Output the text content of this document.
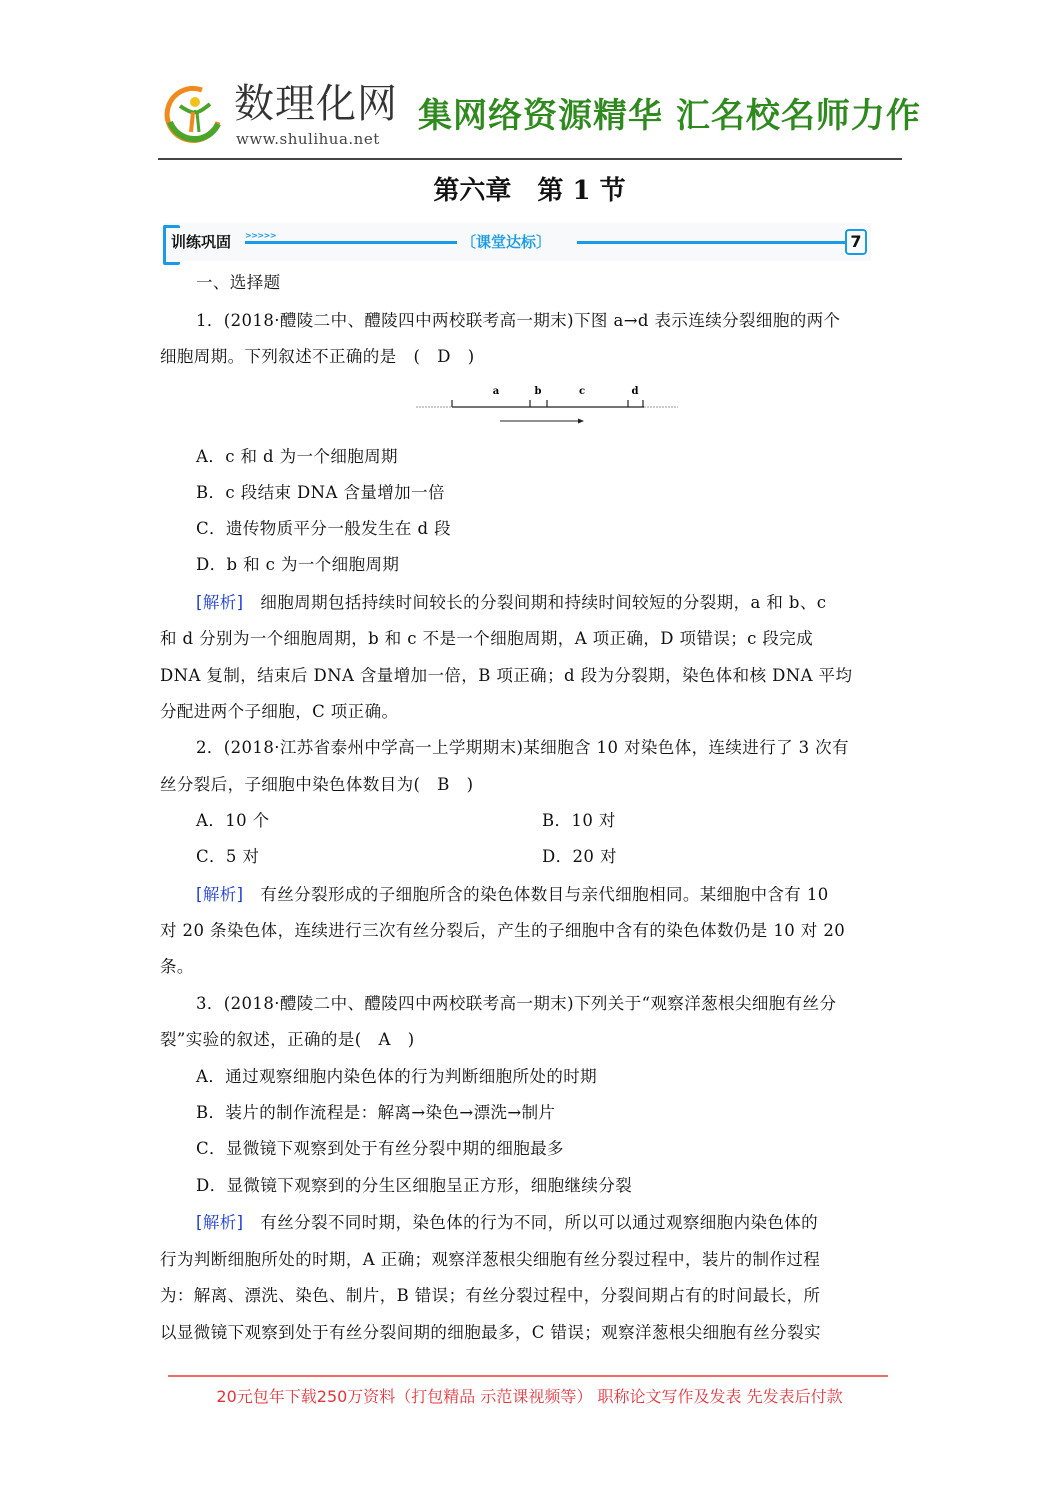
数理化网
www.shulihua.net
集网络资源精华 汇名校名师力作
第六章　第 1 节
训练巩固 >>>>>	〔课堂达标〕	7
一、选择题
1．(2018·醴陵二中、醴陵四中两校联考高一期末)下图 a→d 表示连续分裂细胞的两个
细胞周期。下列叙述不正确的是　(　D　)
a	b	c	d
A．c 和 d 为一个细胞周期
B．c 段结束 DNA 含量增加一倍
C．遗传物质平分一般发生在 d 段
D．b 和 c 为一个细胞周期
[解析]　细胞周期包括持续时间较长的分裂间期和持续时间较短的分裂期，a 和 b、c
和 d 分别为一个细胞周期，b 和 c 不是一个细胞周期，A 项正确，D 项错误；c 段完成
DNA 复制，结束后 DNA 含量增加一倍，B 项正确；d 段为分裂期，染色体和核 DNA 平均
分配进两个子细胞，C 项正确。
2．(2018·江苏省泰州中学高一上学期期末)某细胞含 10 对染色体，连续进行了 3 次有
丝分裂后，子细胞中染色体数目为(　B　)
A．10 个	B．10 对
C．5 对	D．20 对
[解析]　有丝分裂形成的子细胞所含的染色体数目与亲代细胞相同。某细胞中含有 10
对 20 条染色体，连续进行三次有丝分裂后，产生的子细胞中含有的染色体数仍是 10 对 20
条。
3．(2018·醴陵二中、醴陵四中两校联考高一期末)下列关于“观察洋葱根尖细胞有丝分
裂”实验的叙述，正确的是(　A　)
A．通过观察细胞内染色体的行为判断细胞所处的时期
B．装片的制作流程是：解离→染色→漂洗→制片
C．显微镜下观察到处于有丝分裂中期的细胞最多
D．显微镜下观察到的分生区细胞呈正方形，细胞继续分裂
[解析]　有丝分裂不同时期，染色体的行为不同，所以可以通过观察细胞内染色体的
行为判断细胞所处的时期，A 正确；观察洋葱根尖细胞有丝分裂过程中，装片的制作过程
为：解离、漂洗、染色、制片，B 错误；有丝分裂过程中，分裂间期占有的时间最长，所
以显微镜下观察到处于有丝分裂间期的细胞最多，C 错误；观察洋葱根尖细胞有丝分裂实
20元包年下载250万资料（打包精品 示范课视频等） 职称论文写作及发表 先发表后付款
